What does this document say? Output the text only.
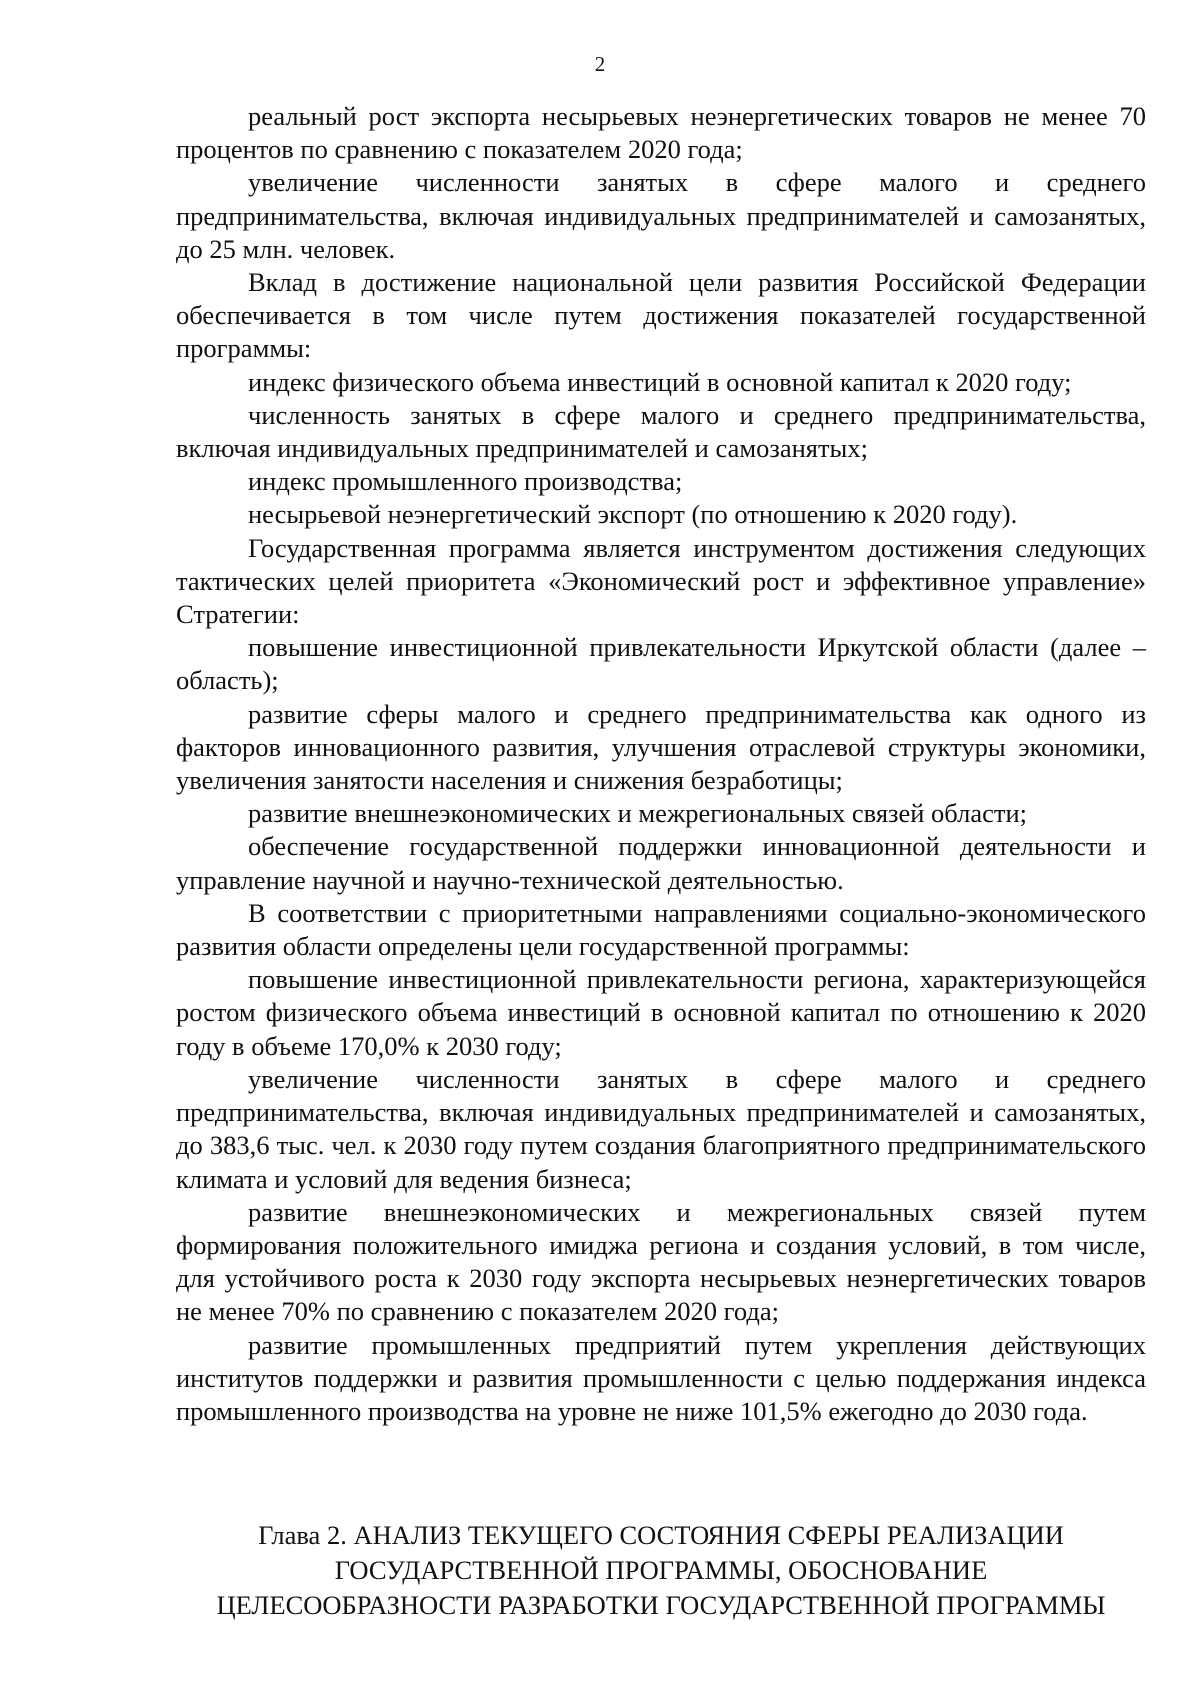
2

реальный рост экспорта несырьевых неэнергетических товаров не менее 70 процентов по сравнению с показателем 2020 года;

увеличение численности занятых в сфере малого и среднего предпринимательства, включая индивидуальных предпринимателей и самозанятых, до 25 млн. человек.

Вклад в достижение национальной цели развития Российской Федерации обеспечивается в том числе путем достижения показателей государственной программы:

индекс физического объема инвестиций в основной капитал к 2020 году;

численность занятых в сфере малого и среднего предпринимательства, включая индивидуальных предпринимателей и самозанятых;

индекс промышленного производства;

несырьевой неэнергетический экспорт (по отношению к 2020 году).

Государственная программа является инструментом достижения следующих тактических целей приоритета «Экономический рост и эффективное управление» Стратегии:

повышение инвестиционной привлекательности Иркутской области (далее – область);

развитие сферы малого и среднего предпринимательства как одного из факторов инновационного развития, улучшения отраслевой структуры экономики, увеличения занятости населения и снижения безработицы;

развитие внешнеэкономических и межрегиональных связей области;

обеспечение государственной поддержки инновационной деятельности и управление научной и научно-технической деятельностью.

В соответствии с приоритетными направлениями социально-экономического развития области определены цели государственной программы:

повышение инвестиционной привлекательности региона, характеризующейся ростом физического объема инвестиций в основной капитал по отношению к 2020 году в объеме 170,0% к 2030 году;

увеличение численности занятых в сфере малого и среднего предпринимательства, включая индивидуальных предпринимателей и самозанятых, до 383,6 тыс. чел. к 2030 году путем создания благоприятного предпринимательского климата и условий для ведения бизнеса;

развитие внешнеэкономических и межрегиональных связей путем формирования положительного имиджа региона и создания условий, в том числе, для устойчивого роста к 2030 году экспорта несырьевых неэнергетических товаров не менее 70% по сравнению с показателем 2020 года;

развитие промышленных предприятий путем укрепления действующих институтов поддержки и развития промышленности с целью поддержания индекса промышленного производства на уровне не ниже 101,5% ежегодно до 2030 года.

Глава 2. АНАЛИЗ ТЕКУЩЕГО СОСТОЯНИЯ СФЕРЫ РЕАЛИЗАЦИИ
ГОСУДАРСТВЕННОЙ ПРОГРАММЫ, ОБОСНОВАНИЕ
ЦЕЛЕСООБРАЗНОСТИ РАЗРАБОТКИ ГОСУДАРСТВЕННОЙ ПРОГРАММЫ
